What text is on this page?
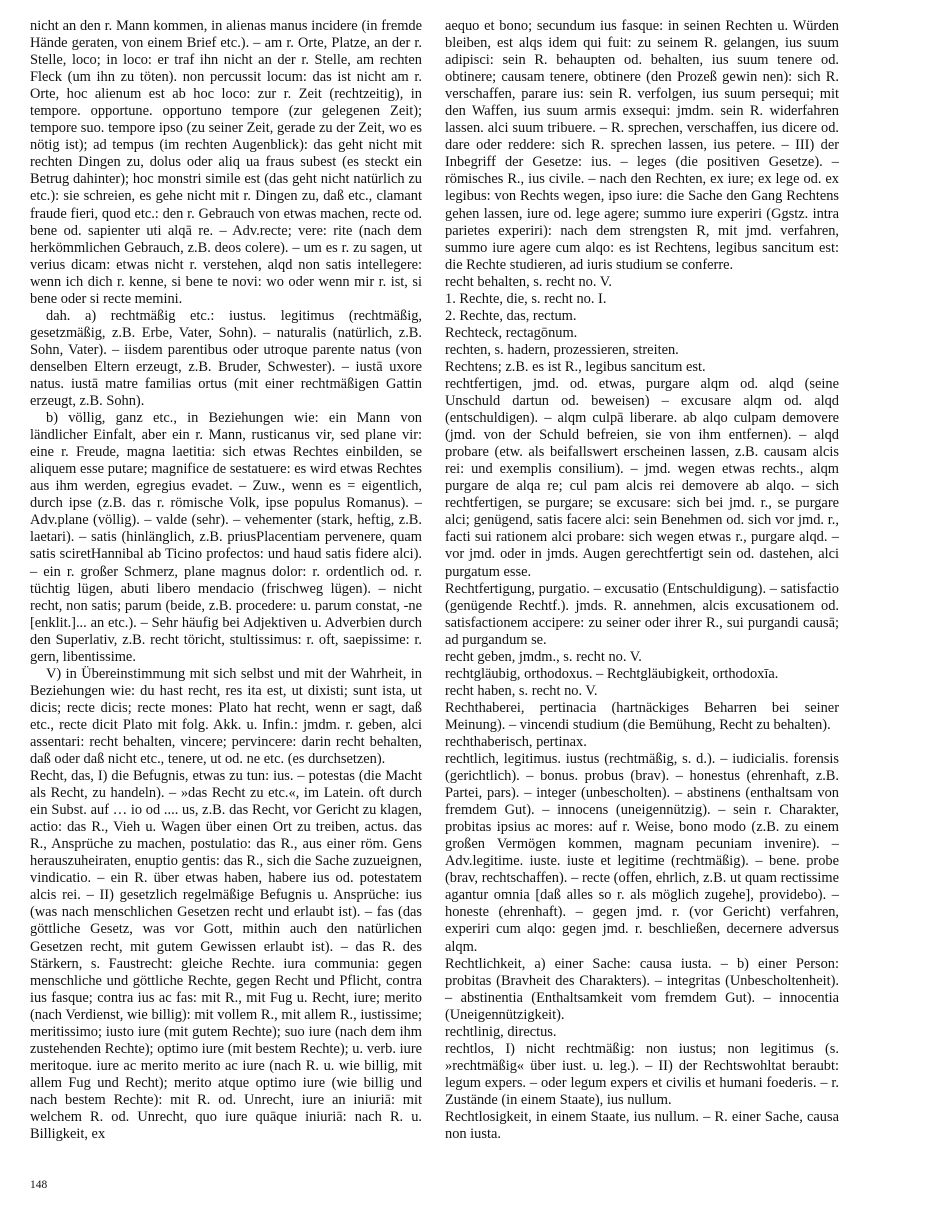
nicht an den r. Mann kommen, in alienas manus incidere (in fremde Hände geraten, von einem Brief etc.). – am r. Orte, Platze, an der r. Stelle, loco; in loco: er traf ihn nicht an der r. Stelle, am rechten Fleck (um ihn zu töten). non percussit locum: das ist nicht am r. Orte, hoc alienum est ab hoc loco: zur r. Zeit (rechtzeitig), in tempore. opportune. opportuno tempore (zur gelegenen Zeit); tempore suo. tempore ipso (zu seiner Zeit, gerade zu der Zeit, wo es nötig ist); ad tempus (im rechten Augenblick): das geht nicht mit rechten Dingen zu, dolus oder aliq ua fraus subest (es steckt ein Betrug dahinter); hoc monstri simile est (das geht nicht natürlich zu etc.): sie schreien, es gehe nicht mit r. Dingen zu, daß etc., clamant fraude fieri, quod etc.: den r. Gebrauch von etwas machen, recte od. bene od. sapienter uti alqā re. – Adv.recte; vere: rite (nach dem herkömmlichen Gebrauch, z.B. deos colere). – um es r. zu sagen, ut verius dicam: etwas nicht r. verstehen, alqd non satis intellegere: wenn ich dich r. kenne, si bene te novi: wo oder wenn mir r. ist, si bene oder si recte memini.

dah. a) rechtmäßig etc.: iustus. legitimus (rechtmäßig, gesetzmäßig, z.B. Erbe, Vater, Sohn). – naturalis (natürlich, z.B. Sohn, Vater). – iisdem parentibus oder utroque parente natus (von denselben Eltern erzeugt, z.B. Bruder, Schwester). – iustā uxore natus. iustā matre familias ortus (mit einer rechtmäßigen Gattin erzeugt, z.B. Sohn).

b) völlig, ganz etc., in Beziehungen wie: ein Mann von ländlicher Einfalt, aber ein r. Mann, rusticanus vir, sed plane vir: eine r. Freude, magna laetitia: sich etwas Rechtes einbilden, se aliquem esse putare; magnifice de sestatuere: es wird etwas Rechtes aus ihm werden, egregius evadet. – Zuw., wenn es = eigentlich, durch ipse (z.B. das r. römische Volk, ipse populus Romanus). – Adv.plane (völlig). – valde (sehr). – vehementer (stark, heftig, z.B. laetari). – satis (hinlänglich, z.B. priusPlacentiam pervenere, quam satis sciretHannibal ab Ticino profectos: und haud satis fidere alci). – ein r. großer Schmerz, plane magnus dolor: r. ordentlich od. r. tüchtig lügen, abuti libero mendacio (frischweg lügen). – nicht recht, non satis; parum (beide, z.B. procedere: u. parum constat, -ne [enklit.]... an etc.). – Sehr häufig bei Adjektiven u. Adverbien durch den Superlativ, z.B. recht töricht, stultissimus: r. oft, saepissime: r. gern, libentissime.

V) in Übereinstimmung mit sich selbst und mit der Wahrheit, in Beziehungen wie: du hast recht, res ita est, ut dixisti; sunt ista, ut dicis; recte dicis; recte mones: Plato hat recht, wenn er sagt, daß etc., recte dicit Plato mit folg. Akk. u. Infin.: jmdm. r. geben, alci assentari: recht behalten, vincere; pervincere: darin recht behalten, daß oder daß nicht etc., tenere, ut od. ne etc. (es durchsetzen).

Recht, das, I) die Befugnis, etwas zu tun: ius. – potestas (die Macht als Recht, zu handeln). – »das Recht zu etc.«, im Latein. oft durch ein Subst. auf … io od .... us, z.B. das Recht, vor Gericht zu klagen, actio: das R., Vieh u. Wagen über einen Ort zu treiben, actus. das R., Ansprüche zu machen, postulatio: das R., aus einer röm. Gens herauszuheiraten, enuptio gentis: das R., sich die Sache zuzueignen, vindicatio. – ein R. über etwas haben, habere ius od. potestatem alcis rei. – II) gesetzlich regelmäßige Befugnis u. Ansprüche: ius (was nach menschlichen Gesetzen recht und erlaubt ist). – fas (das göttliche Gesetz, was vor Gott, mithin auch den natürlichen Gesetzen recht, mit gutem Gewissen erlaubt ist). – das R. des Stärkern, s. Faustrecht: gleiche Rechte. iura communia: gegen menschliche und göttliche Rechte, gegen Recht und Pflicht, contra ius fasque; contra ius ac fas: mit R., mit Fug u. Recht, iure; merito (nach Verdienst, wie billig): mit vollem R., mit allem R., iustissime; meritissimo; iusto iure (mit gutem Rechte); suo iure (nach dem ihm zustehenden Rechte); optimo iure (mit bestem Rechte); u. verb. iure meritoque. iure ac merito merito ac iure (nach R. u. wie billig, mit allem Fug und Recht); merito atque optimo iure (wie billig und nach bestem Rechte): mit R. od. Unrecht, iure an iniuriā: mit welchem R. od. Unrecht, quo iure quāque iniuriā: nach R. u. Billigkeit, ex

aequo et bono; secundum ius fasque: in seinen Rechten u. Würden bleiben, est alqs idem qui fuit: zu seinem R. gelangen, ius suum adipisci: sein R. behaupten od. behalten, ius suum tenere od. obtinere; causam tenere, obtinere (den Prozeß gewin nen): sich R. verschaffen, parare ius: sein R. verfolgen, ius suum persequi; mit den Waffen, ius suum armis exsequi: jmdm. sein R. widerfahren lassen. alci suum tribuere. – R. sprechen, verschaffen, ius dicere od. dare oder reddere: sich R. sprechen lassen, ius petere. – III) der Inbegriff der Gesetze: ius. – leges (die positiven Gesetze). – römisches R., ius civile. – nach den Rechten, ex iure; ex lege od. ex legibus: von Rechts wegen, ipso iure: die Sache den Gang Rechtens gehen lassen, iure od. lege agere; summo iure experiri (Ggstz. intra parietes experiri): nach dem strengsten R, mit jmd. verfahren, summo iure agere cum alqo: es ist Rechtens, legibus sancitum est: die Rechte studieren, ad iuris studium se conferre.

recht behalten, s. recht no. V.

1. Rechte, die, s. recht no. I.

2. Rechte, das, rectum.

Rechteck, rectagōnum.

rechten, s. hadern, prozessieren, streiten.

Rechtens; z.B. es ist R., legibus sancitum est.

rechtfertigen, jmd. od. etwas, purgare alqm od. alqd (seine Unschuld dartun od. beweisen) – excusare alqm od. alqd (entschuldigen). – alqm culpā liberare. ab alqo culpam demovere (jmd. von der Schuld befreien, sie von ihm entfernen). – alqd probare (etw. als beifallswert erscheinen lassen, z.B. causam alcis rei: und exemplis consilium). – jmd. wegen etwas rechts., alqm purgare de alqa re; cul pam alcis rei demovere ab alqo. – sich rechtfertigen, se purgare; se excusare: sich bei jmd. r., se purgare alci; genügend, satis facere alci: sein Benehmen od. sich vor jmd. r., facti sui rationem alci probare: sich wegen etwas r., purgare alqd. – vor jmd. oder in jmds. Augen gerechtfertigt sein od. dastehen, alci purgatum esse.

Rechtfertigung, purgatio. – excusatio (Entschuldigung). – satisfactio (genügende Rechtf.). jmds. R. annehmen, alcis excusationem od. satisfactionem accipere: zu seiner oder ihrer R., sui purgandi causā; ad purgandum se.

recht geben, jmdm., s. recht no. V.

rechtgläubig, orthodoxus. – Rechtgläubigkeit, orthodoxīa.

recht haben, s. recht no. V.

Rechthaberei, pertinacia (hartnäckiges Beharren bei seiner Meinung). – vincendi studium (die Bemühung, Recht zu behalten).

rechthaberisch, pertinax.

rechtlich, legitimus. iustus (rechtmäßig, s. d.). – iudicialis. forensis (gerichtlich). – bonus. probus (brav). – honestus (ehrenhaft, z.B. Partei, pars). – integer (unbescholten). – abstinens (enthaltsam von fremdem Gut). – innocens (uneigennützig). – sein r. Charakter, probitas ipsius ac mores: auf r. Weise, bono modo (z.B. zu einem großen Vermögen kommen, magnam pecuniam invenire). – Adv.legitime. iuste. iuste et legitime (rechtmäßig). – bene. probe (brav, rechtschaffen). – recte (offen, ehrlich, z.B. ut quam rectissime agantur omnia [daß alles so r. als möglich zugehe], providebo). – honeste (ehrenhaft). – gegen jmd. r. (vor Gericht) verfahren, experiri cum alqo: gegen jmd. r. beschließen, decernere adversus alqm.

Rechtlichkeit, a) einer Sache: causa iusta. – b) einer Person: probitas (Bravheit des Charakters). – integritas (Unbescholtenheit). – abstinentia (Enthaltsamkeit vom fremdem Gut). – innocentia (Uneigennützigkeit).

rechtlinig, directus.

rechtlos, I) nicht rechtmäßig: non iustus; non legitimus (s. »rechtmäßig« über iust. u. leg.). – II) der Rechtswohltat beraubt: legum expers. – oder legum expers et civilis et humani foederis. – r. Zustände (in einem Staate), ius nullum.

Rechtlosigkeit, in einem Staate, ius nullum. – R. einer Sache, causa non iusta.

148
